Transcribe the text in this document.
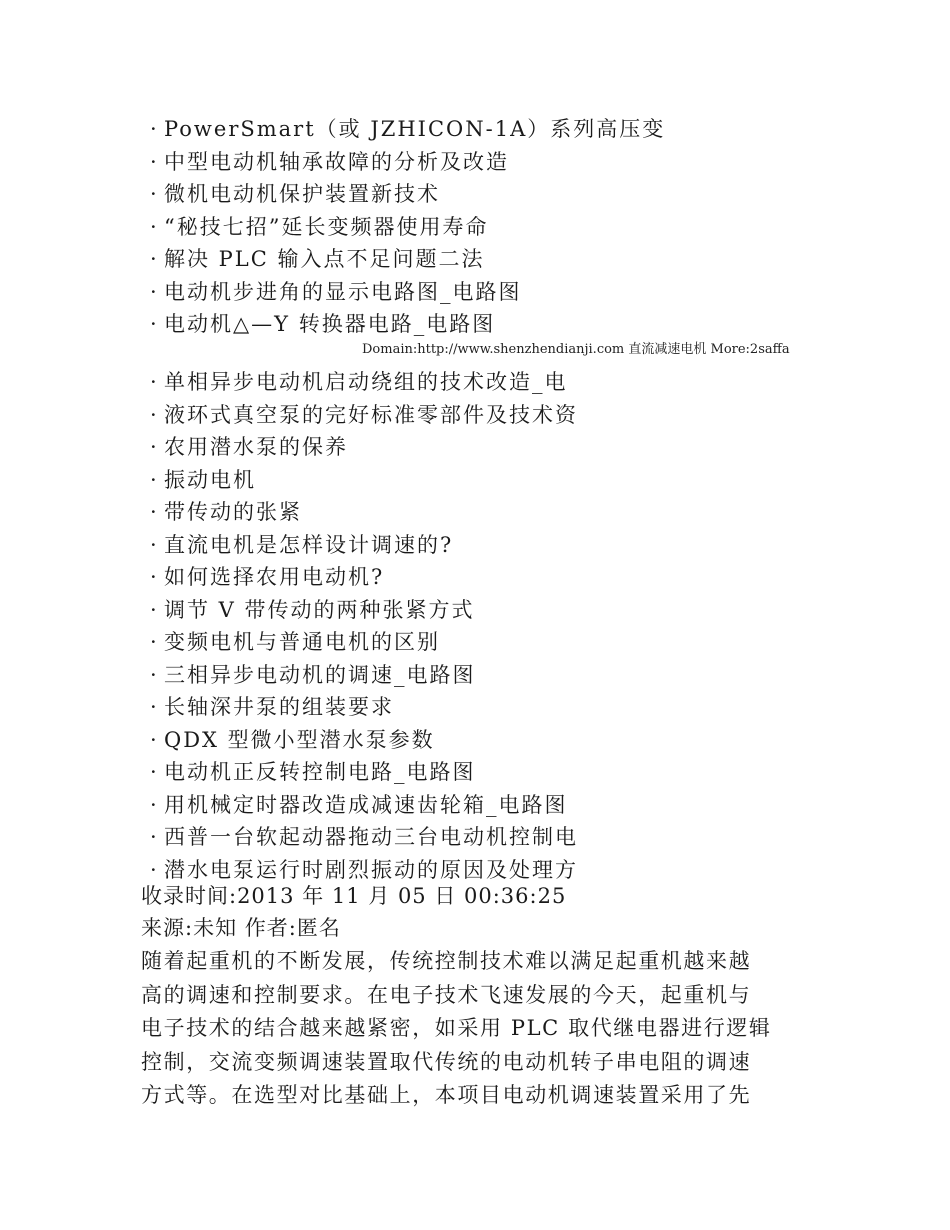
· PowerSmart（或 JZHICON-1A）系列高压变
· 中型电动机轴承故障的分析及改造
· 微机电动机保护装置新技术
· “秘技七招”延长变频器使用寿命
· 解决 PLC 输入点不足问题二法
· 电动机步进角的显示电路图_电路图
· 电动机△—Y 转换器电路_电路图
Domain:http://www.shenzhendianji.com 直流减速电机 More:2saffa
· 单相异步电动机启动绕组的技术改造_电
· 液环式真空泵的完好标准零部件及技术资
· 农用潜水泵的保养
· 振动电机
· 带传动的张紧
· 直流电机是怎样设计调速的?
· 如何选择农用电动机?
· 调节 V 带传动的两种张紧方式
· 变频电机与普通电机的区别
· 三相异步电动机的调速_电路图
· 长轴深井泵的组装要求
· QDX 型微小型潜水泵参数
· 电动机正反转控制电路_电路图
· 用机械定时器改造成减速齿轮箱_电路图
· 西普一台软起动器拖动三台电动机控制电
· 潜水电泵运行时剧烈振动的原因及处理方
收录时间:2013 年 11 月 05 日 00:36:25
来源:未知 作者:匿名

随着起重机的不断发展，传统控制技术难以满足起重机越来越
高的调速和控制要求。在电子技术飞速发展的今天，起重机与
电子技术的结合越来越紧密，如采用 PLC 取代继电器进行逻辑
控制，交流变频调速装置取代传统的电动机转子串电阻的调速
方式等。在选型对比基础上，本项目电动机调速装置采用了先
